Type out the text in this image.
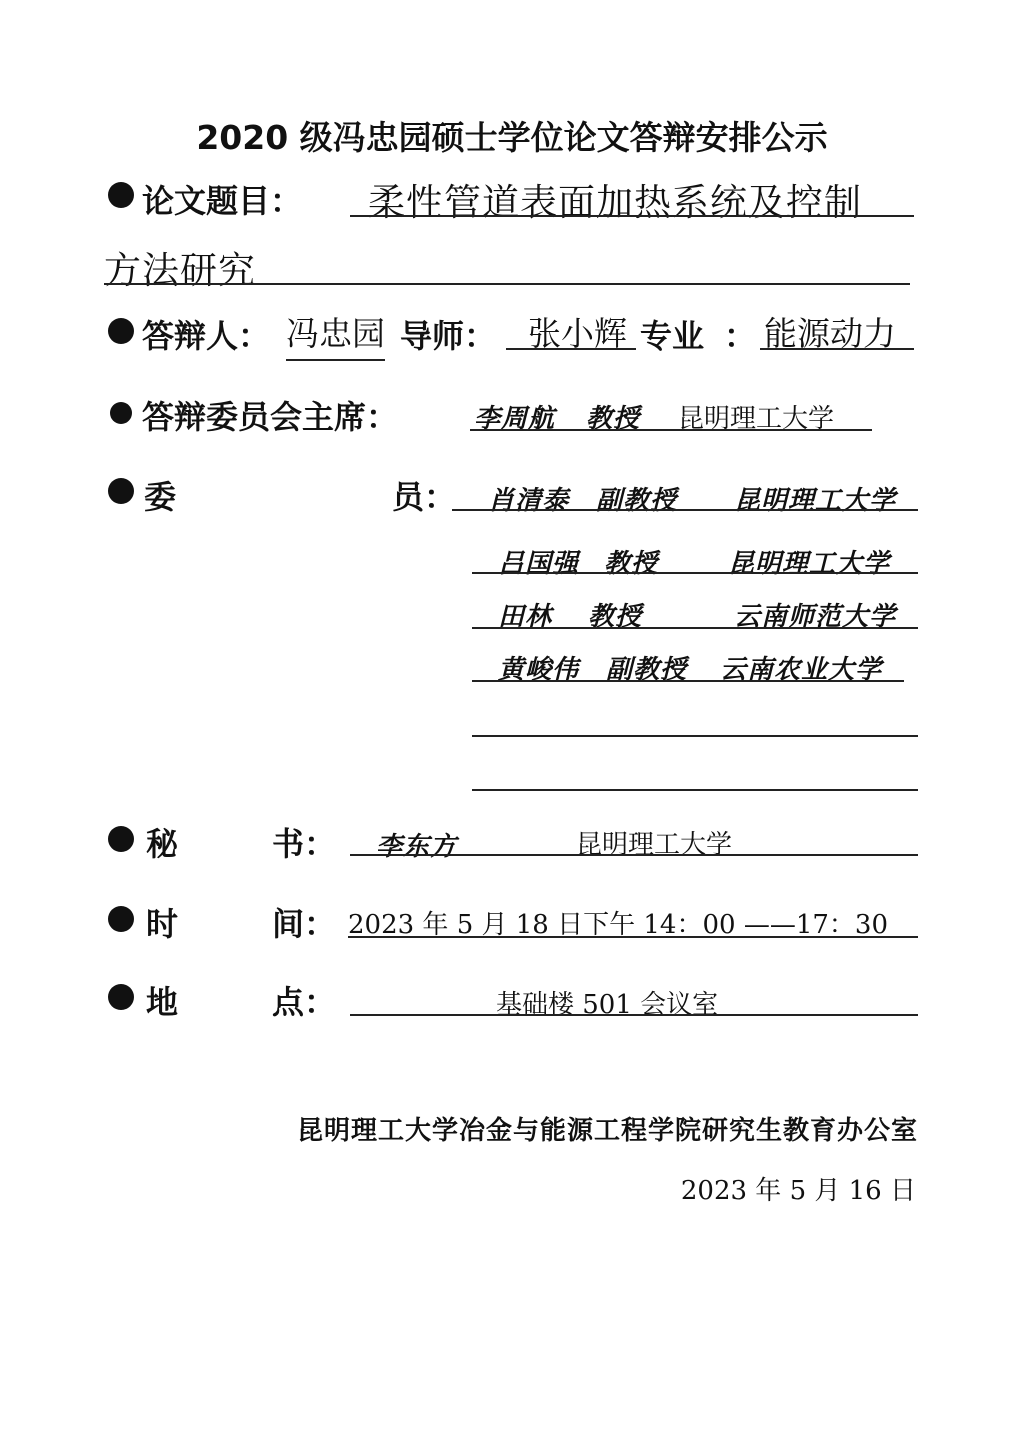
2020 级冯忠园硕士学位论文答辩安排公示
论文题目： 柔性管道表面加热系统及控制
方法研究
答辩人： 冯忠园 导师： 张小辉 专业 ： 能源动力
答辩委员会主席：	李周航 教授 昆明理工大学
委	员： 肖清泰 副教授 昆明理工大学
吕国强 教授	昆明理工大学
田林 教授	云南师范大学
黄峻伟 副教授 云南农业大学
秘	书： 李东方	昆明理工大学
时	间： 2023 年 5 月 18 日下午 14：00 ——17：30
地	点：	基础楼 501 会议室
昆明理工大学冶金与能源工程学院研究生教育办公室
2023 年 5 月 16 日
